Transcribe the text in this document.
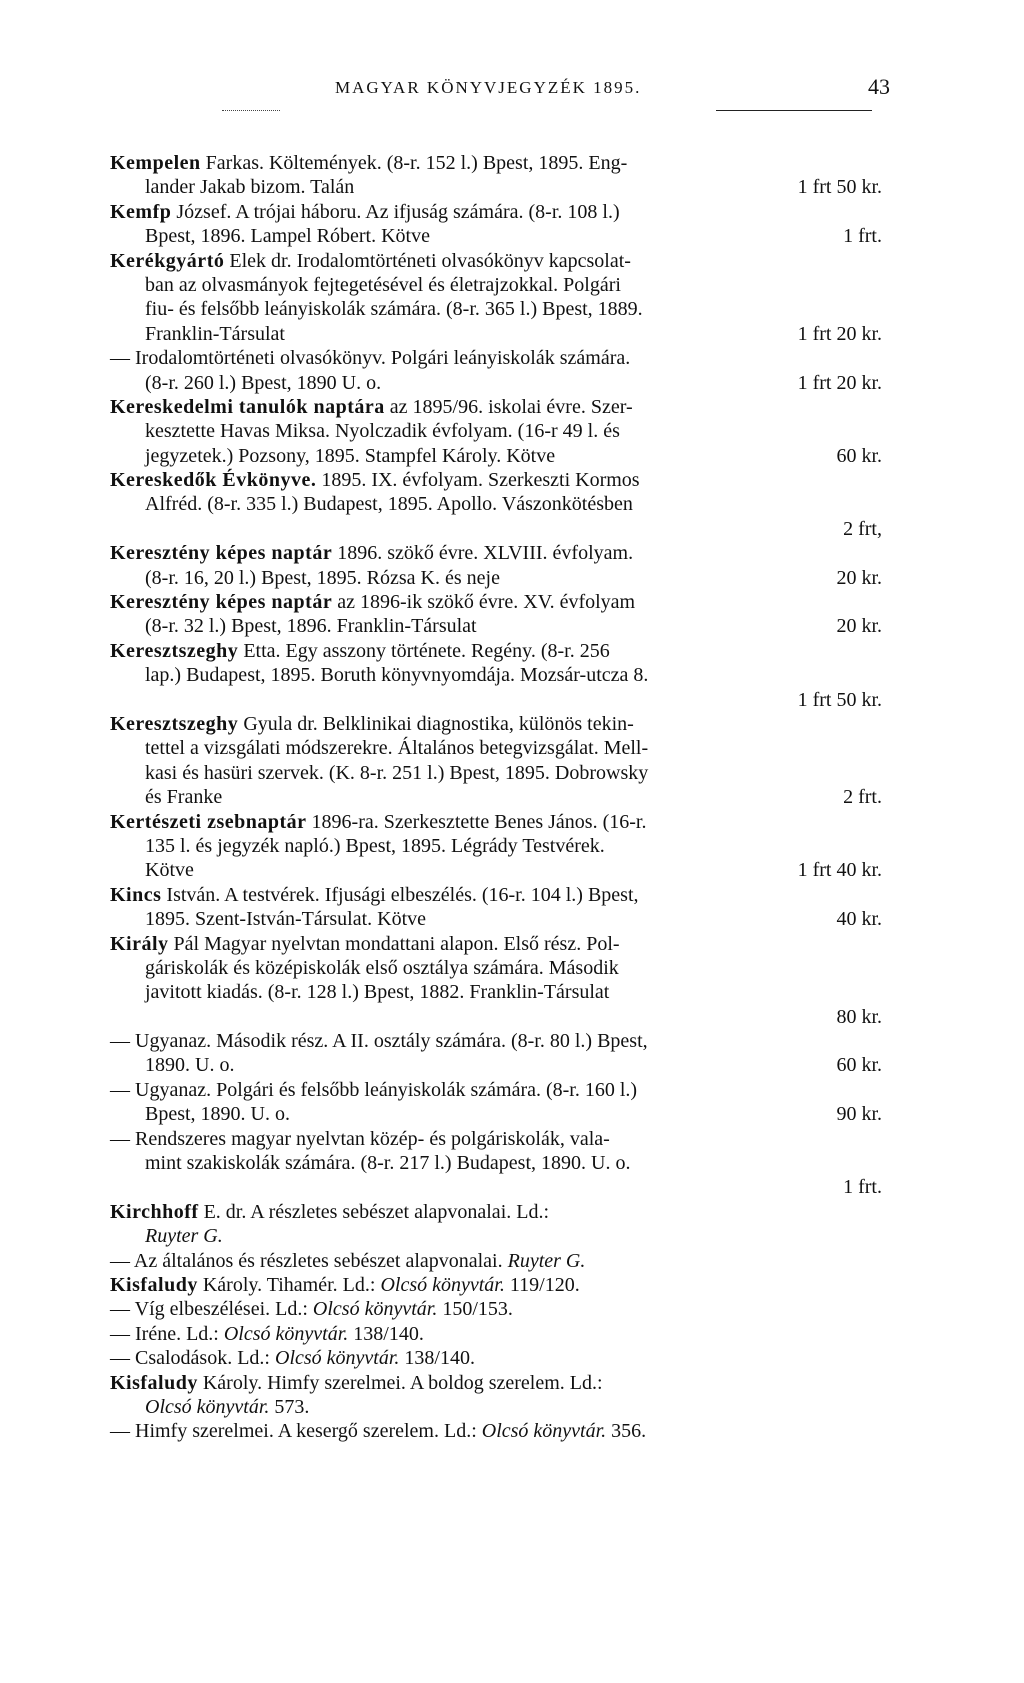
MAGYAR KÖNYVJEGYZÉK 1895.	43
Kempelen Farkas. Költemények. (8-r. 152 l.) Bpest, 1895. Eng-
lander Jakab bizom. Talán	1 frt 50 kr.
Kemfp József. A trójai háboru. Az ifjuság számára. (8-r. 108 l.)
Bpest, 1896. Lampel Róbert. Kötve	1 frt.
Kerékgyártó Elek dr. Irodalomtörténeti olvasókönyv kapcsolat-
ban az olvasmányok fejtegetésével és életrajzokkal. Polgári
fiu- és felsőbb leányiskolák számára. (8-r. 365 l.) Bpest, 1889.
Franklin-Társulat	1 frt 20 kr.
— Irodalomtörténeti olvasókönyv. Polgári leányiskolák számára.
(8-r. 260 l.) Bpest, 1890 U. o.	1 frt 20 kr.
Kereskedelmi tanulók naptára az 1895/96. iskolai évre. Szer-
kesztette Havas Miksa. Nyolczadik évfolyam. (16-r 49 l. és
jegyzetek.) Pozsony, 1895. Stampfel Károly. Kötve	60 kr.
Kereskedők Évkönyve. 1895. IX. évfolyam. Szerkeszti Kormos
Alfréd. (8-r. 335 l.) Budapest, 1895. Apollo. Vászonkötésben
2 frt,
Keresztény képes naptár 1896. szökő évre. XLVIII. évfolyam.
(8-r. 16, 20 l.) Bpest, 1895. Rózsa K. és neje	20 kr.
Keresztény képes naptár az 1896-ik szökő évre. XV. évfolyam
(8-r. 32 l.) Bpest, 1896. Franklin-Társulat	20 kr.
Keresztszeghy Etta. Egy asszony története. Regény. (8-r. 256
lap.) Budapest, 1895. Boruth könyvnyomdája. Mozsár-utcza 8.
1 frt 50 kr.
Keresztszeghy Gyula dr. Belklinikai diagnostika, különös tekin-
tettel a vizsgálati módszerekre. Általános betegvizsgálat. Mell-
kasi és hasüri szervek. (K. 8-r. 251 l.) Bpest, 1895. Dobrowsky
és Franke	2 frt.
Kertészeti zsebnaptár 1896-ra. Szerkesztette Benes János. (16-r.
135 l. és jegyzék napló.) Bpest, 1895. Légrády Testvérek.
Kötve	1 frt 40 kr.
Kincs István. A testvérek. Ifjusági elbeszélés. (16-r. 104 l.) Bpest,
1895. Szent-István-Társulat. Kötve	40 kr.
Király Pál Magyar nyelvtan mondattani alapon. Első rész. Pol-
gáriskolák és középiskolák első osztálya számára. Második
javitott kiadás. (8-r. 128 l.) Bpest, 1882. Franklin-Társulat
80 kr.
— Ugyanaz. Második rész. A II. osztály számára. (8-r. 80 l.) Bpest,
1890. U. o.	60 kr.
— Ugyanaz. Polgári és felsőbb leányiskolák számára. (8-r. 160 l.)
Bpest, 1890. U. o.	90 kr.
— Rendszeres magyar nyelvtan közép- és polgáriskolák, vala-
mint szakiskolák számára. (8-r. 217 l.) Budapest, 1890. U. o.
1 frt.
Kirchhoff E. dr. A részletes sebészet alapvonalai. Ld.:
Ruyter G.
— Az általános és részletes sebészet alapvonalai. Ruyter G.
Kisfaludy Károly. Tihamér. Ld.: Olcsó könyvtár. 119/120.
— Víg elbeszélései. Ld.: Olcsó könyvtár. 150/153.
— Iréne. Ld.: Olcsó könyvtár. 138/140.
— Csalodások. Ld.: Olcsó könyvtár. 138/140.
Kisfaludy Károly. Himfy szerelmei. A boldog szerelem. Ld.:
Olcsó könyvtár. 573.
— Himfy szerelmei. A kesergő szerelem. Ld.: Olcsó könyvtár. 356.
